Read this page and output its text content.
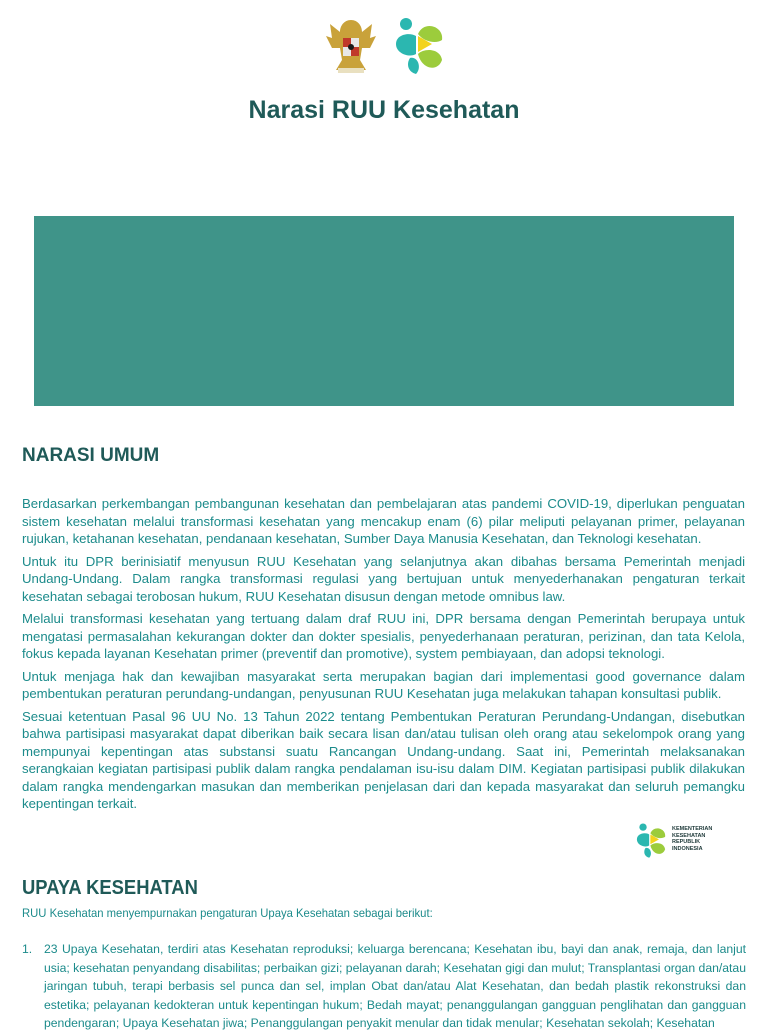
Narasi RUU Kesehatan
NARASI UMUM

Berdasarkan perkembangan pembangunan kesehatan dan pembelajaran atas pandemi COVID-19, diperlukan penguatan sistem kesehatan melalui transformasi kesehatan yang mencakup enam (6) pilar meliputi pelayanan primer, pelayanan rujukan, ketahanan kesehatan, pendanaan kesehatan, Sumber Daya Manusia Kesehatan, dan Teknologi kesehatan.

Untuk itu DPR berinisiatif menyusun RUU Kesehatan yang selanjutnya akan dibahas bersama Pemerintah menjadi Undang-Undang. Dalam rangka transformasi regulasi yang bertujuan untuk menyederhanakan pengaturan terkait kesehatan sebagai terobosan hukum, RUU Kesehatan disusun dengan metode omnibus law.

Melalui transformasi kesehatan yang tertuang dalam draf RUU ini, DPR bersama dengan Pemerintah berupaya untuk mengatasi permasalahan kekurangan dokter dan dokter spesialis, penyederhanaan peraturan, perizinan, dan tata Kelola, fokus kepada layanan Kesehatan primer (preventif dan promotive), system pembiayaan, dan adopsi teknologi.

Untuk menjaga hak dan kewajiban masyarakat serta merupakan bagian dari implementasi good governance dalam pembentukan peraturan perundang-undangan, penyusunan RUU Kesehatan juga melakukan tahapan konsultasi publik.

Sesuai ketentuan Pasal 96 UU No. 13 Tahun 2022 tentang Pembentukan Peraturan Perundang-Undangan, disebutkan bahwa partisipasi masyarakat dapat diberikan baik secara lisan dan/atau tulisan oleh orang atau sekelompok orang yang mempunyai kepentingan atas substansi suatu Rancangan Undang-undang. Saat ini, Pemerintah melaksanakan serangkaian kegiatan partisipasi publik dalam rangka pendalaman isu-isu dalam DIM. Kegiatan partisipasi publik dilakukan dalam rangka mendengarkan masukan dan memberikan penjelasan dari dan kepada masyarakat dan seluruh pemangku kepentingan terkait.

KEMENTERIAN
KESEHATAN
REPUBLIK
INDONESIA
UPAYA KESEHATAN
RUU Kesehatan menyempurnakan pengaturan Upaya Kesehatan sebagai berikut:
1. 23 Upaya Kesehatan, terdiri atas Kesehatan reproduksi; keluarga berencana; Kesehatan ibu, bayi dan anak, remaja, dan lanjut usia; kesehatan penyandang disabilitas; perbaikan gizi; pelayanan darah; Kesehatan gigi dan mulut; Transplantasi organ dan/atau jaringan tubuh, terapi berbasis sel punca dan sel, implan Obat dan/atau Alat Kesehatan, dan bedah plastik rekonstruksi dan estetika; pelayanan kedokteran untuk kepentingan hukum; Bedah mayat; penanggulangan gangguan penglihatan dan gangguan pendengaran; Upaya Kesehatan jiwa; Penanggulangan penyakit menular dan tidak menular; Kesehatan sekolah; Kesehatan
